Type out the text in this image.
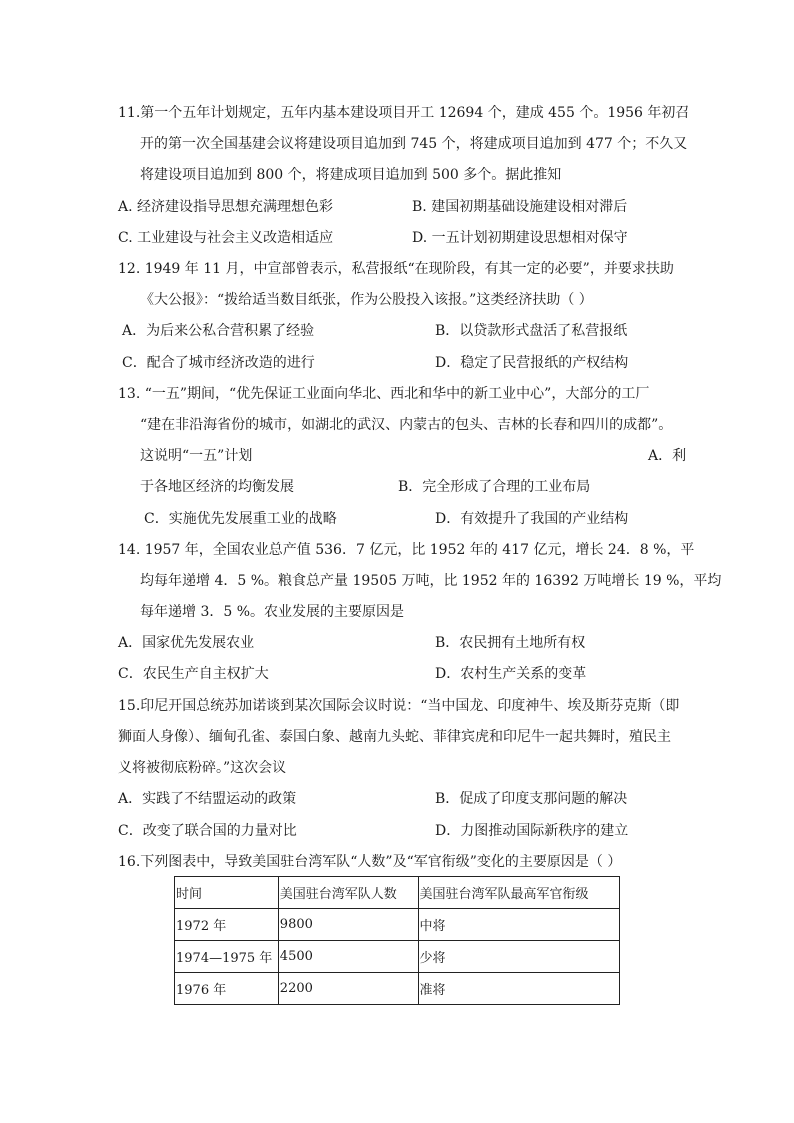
11.第一个五年计划规定，五年内基本建设项目开工 12694 个，建成 455 个。1956 年初召
开的第一次全国基建会议将建设项目追加到 745 个，将建成项目追加到 477 个；不久又
将建设项目追加到 800 个，将建成项目追加到 500 多个。据此推知
A. 经济建设指导思想充满理想色彩	B. 建国初期基础设施建设相对滞后
C. 工业建设与社会主义改造相适应	D. 一五计划初期建设思想相对保守
12. 1949 年 11 月，中宣部曾表示，私营报纸“在现阶段，有其一定的必要”，并要求扶助
《大公报》：“拨给适当数目纸张，作为公股投入该报。”这类经济扶助（ ）
A．为后来公私合营积累了经验	B．以贷款形式盘活了私营报纸
C．配合了城市经济改造的进行	D．稳定了民营报纸的产权结构
13. “一五”期间，“优先保证工业面向华北、西北和华中的新工业中心”，大部分的工厂
“建在非沿海省份的城市，如湖北的武汉、内蒙古的包头、吉林的长春和四川的成都”。
这说明“一五”计划	A．利
于各地区经济的均衡发展	B．完全形成了合理的工业布局
C．实施优先发展重工业的战略	D．有效提升了我国的产业结构
14. 1957 年，全国农业总产值 536．7 亿元，比 1952 年的 417 亿元，增长 24．8 %，平
均每年递增 4．5 %。粮食总产量 19505 万吨，比 1952 年的 16392 万吨增长 19 %，平均
每年递增 3．5 %。农业发展的主要原因是
A．国家优先发展农业	B．农民拥有土地所有权
C．农民生产自主权扩大	D．农村生产关系的变革
15.印尼开国总统苏加诺谈到某次国际会议时说：“当中国龙、印度神牛、埃及斯芬克斯（即
狮面人身像）、缅甸孔雀、泰国白象、越南九头蛇、菲律宾虎和印尼牛一起共舞时，殖民主
义将被彻底粉碎。”这次会议
A．实践了不结盟运动的政策	B．促成了印度支那问题的解决
C．改变了联合国的力量对比	D．力图推动国际新秩序的建立
16.下列图表中，导致美国驻台湾军队“人数”及“军官衔级”变化的主要原因是（ ）
时间	美国驻台湾军队人数	美国驻台湾军队最高军官衔级
1972 年	9800	中将
1974—1975 年	4500	少将
1976 年	2200	准将
